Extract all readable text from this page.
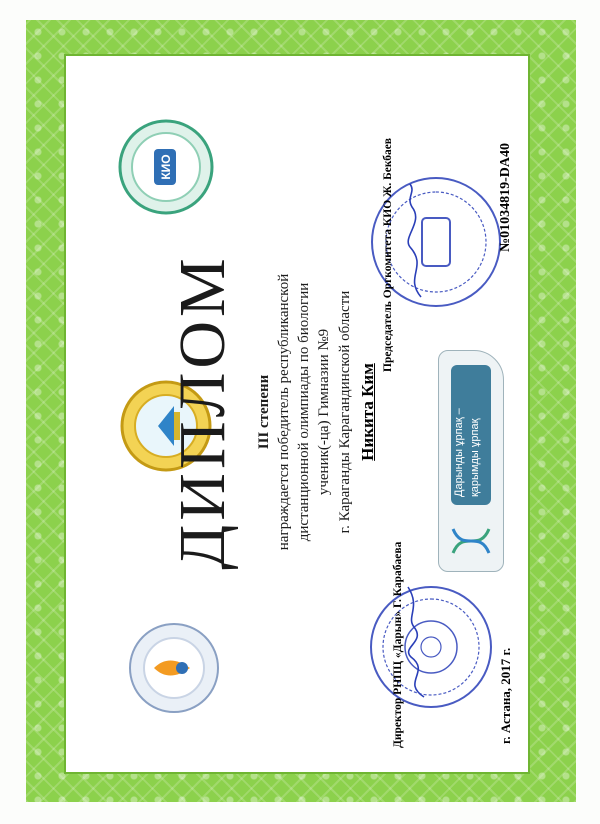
КИО
ДИПЛОМ III степени награждается победитель республиканской дистанционной олимпиады по биологии ученик(-ца) Гимназии №9 г. Караганды Карагандинской области Никита Ким
Директор РНПЦ «Дарын» Г. Карабаева
Председатель Оргкомитета КИО Ж. Бекбаев
Дарынды ұрпақ – қарымды ұрпақ
г. Астана, 2017 г.
№01034819-DA40
